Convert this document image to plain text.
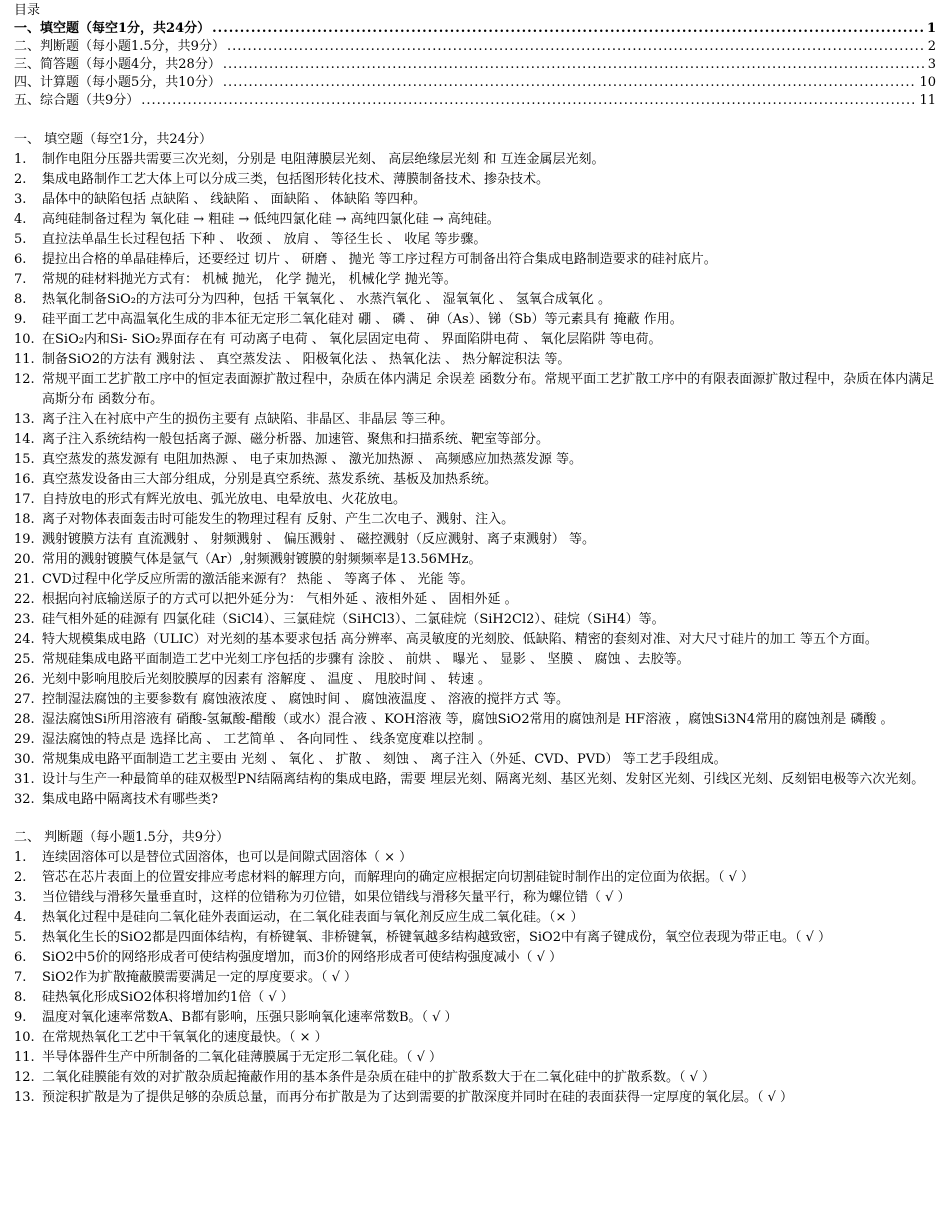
目录
一、填空题（每空1分，共24分） .....	1
二、判断题（每小题1.5分，共9分） .....	2
三、简答题（每小题4分，共28分） .....	3
四、计算题（每小题5分，共10分） .....	10
五、综合题（共9分） .....	11
一、 填空题（每空1分，共24分）
1.	制作电阻分压器共需要三次光刻，分别是 电阻薄膜层光刻、 高层绝缘层光刻 和 互连金属层光刻。
2.	集成电路制作工艺大体上可以分成三类，包括图形转化技术、薄膜制备技术、掺杂技术。
3.	晶体中的缺陷包括 点缺陷 、 线缺陷 、 面缺陷 、 体缺陷 等四种。
4.	高纯硅制备过程为 氧化硅 → 粗硅 → 低纯四氯化硅 → 高纯四氯化硅 → 高纯硅。
5.	直拉法单晶生长过程包括 下种 、 收颈 、 放肩 、 等径生长 、 收尾 等步骤。
6.	提拉出合格的单晶硅棒后，还要经过 切片 、 研磨 、 抛光 等工序过程方可制备出符合集成电路制造要求的硅衬底片。
7.	常规的硅材料抛光方式有： 机械 抛光， 化学 抛光， 机械化学 抛光等。
8.	热氧化制备SiO₂的方法可分为四种，包括 干氧氧化 、 水蒸汽氧化 、 湿氧氧化 、 氢氧合成氧化 。
9.	硅平面工艺中高温氧化生成的非本征无定形二氧化硅对 硼 、 磷 、 砷（As）、锑（Sb）等元素具有 掩蔽 作用。
10. 在SiO₂内和Si- SiO₂界面存在有 可动离子电荷 、 氧化层固定电荷 、 界面陷阱电荷 、 氧化层陷阱 等电荷。
11. 制备SiO2的方法有 溅射法 、 真空蒸发法 、 阳极氧化法 、 热氧化法 、 热分解淀积法 等。
12. 常规平面工艺扩散工序中的恒定表面源扩散过程中，杂质在体内满足 余误差 函数分布。常规平面工艺扩散工序中的有限表面源扩散过程中，杂质在体内满足 高斯分布 函数分布。
13. 离子注入在衬底中产生的损伤主要有 点缺陷、非晶区、非晶层 等三种。
14. 离子注入系统结构一般包括离子源、磁分析器、加速管、聚焦和扫描系统、靶室等部分。
15. 真空蒸发的蒸发源有 电阻加热源 、 电子束加热源 、 激光加热源 、 高频感应加热蒸发源 等。
16. 真空蒸发设备由三大部分组成，分别是真空系统、蒸发系统、基板及加热系统。
17. 自持放电的形式有辉光放电、弧光放电、电晕放电、火花放电。
18. 离子对物体表面轰击时可能发生的物理过程有 反射、产生二次电子、溅射、注入。
19. 溅射镀膜方法有 直流溅射 、 射频溅射 、 偏压溅射 、 磁控溅射（反应溅射、离子束溅射） 等。
20. 常用的溅射镀膜气体是氩气（Ar）,射频溅射镀膜的射频频率是13.56MHz。
21. CVD过程中化学反应所需的激活能来源有？ 热能 、 等离子体 、 光能 等。
22. 根据向衬底输送原子的方式可以把外延分为： 气相外延 、液相外延 、 固相外延 。
23. 硅气相外延的硅源有 四氯化硅（SiCl4）、三氯硅烷（SiHCl3）、二氯硅烷（SiH2Cl2）、硅烷（SiH4）等。
24. 特大规模集成电路（ULIC）对光刻的基本要求包括 高分辨率、高灵敏度的光刻胶、低缺陷、精密的套刻对准、对大尺寸硅片的加工 等五个方面。
25. 常规硅集成电路平面制造工艺中光刻工序包括的步骤有 涂胶 、 前烘 、 曝光 、 显影 、 坚膜 、 腐蚀 、去胶等。
26. 光刻中影响甩胶后光刻胶膜厚的因素有 溶解度 、 温度 、 甩胶时间 、 转速 。
27. 控制湿法腐蚀的主要参数有 腐蚀液浓度 、 腐蚀时间 、 腐蚀液温度 、 溶液的搅拌方式 等。
28. 湿法腐蚀Si所用溶液有 硝酸-氢氟酸-醋酸（或水）混合液 、KOH溶液 等，腐蚀SiO2常用的腐蚀剂是 HF溶液 ，腐蚀Si3N4常用的腐蚀剂是 磷酸 。
29. 湿法腐蚀的特点是 选择比高 、 工艺简单 、 各向同性 、 线条宽度难以控制 。
30. 常规集成电路平面制造工艺主要由 光刻 、 氧化 、 扩散 、 刻蚀 、 离子注入（外延、CVD、PVD） 等工艺手段组成。
31. 设计与生产一种最简单的硅双极型PN结隔离结构的集成电路，需要 埋层光刻、隔离光刻、基区光刻、发射区光刻、引线区光刻、反刻铝电极等六次光刻。
32. 集成电路中隔离技术有哪些类?
二、 判断题（每小题1.5分，共9分）
1.	连续固溶体可以是替位式固溶体，也可以是间隙式固溶体（ × ）
2.	管芯在芯片表面上的位置安排应考虑材料的解理方向，而解理向的确定应根据定向切割硅锭时制作出的定位面为依据。（ √ ）
3.	当位错线与滑移矢量垂直时，这样的位错称为刃位错，如果位错线与滑移矢量平行，称为螺位错（ √ ）
4.	热氧化过程中是硅向二氧化硅外表面运动，在二氧化硅表面与氧化剂反应生成二氧化硅。（× ）
5.	热氧化生长的SiO2都是四面体结构，有桥键氧、非桥键氧，桥键氧越多结构越致密，SiO2中有离子键成份，氧空位表现为带正电。（ √ ）
6.	SiO2中5价的网络形成者可使结构强度增加，而3价的网络形成者可使结构强度减小（ √ ）
7.	SiO2作为扩散掩蔽膜需要满足一定的厚度要求。（ √ ）
8.	硅热氧化形成SiO2体积将增加约1倍（ √ ）
9.	温度对氧化速率常数A、B都有影响，压强只影响氧化速率常数B。（ √ ）
10. 在常规热氧化工艺中干氧氧化的速度最快。（ × ）
11. 半导体器件生产中所制备的二氧化硅薄膜属于无定形二氧化硅。（ √ ）
12. 二氧化硅膜能有效的对扩散杂质起掩蔽作用的基本条件是杂质在硅中的扩散系数大于在二氧化硅中的扩散系数。（ √ ）
13. 预淀积扩散是为了提供足够的杂质总量，而再分布扩散是为了达到需要的扩散深度并同时在硅的表面获得一定厚度的氧化层。（ √ ）
